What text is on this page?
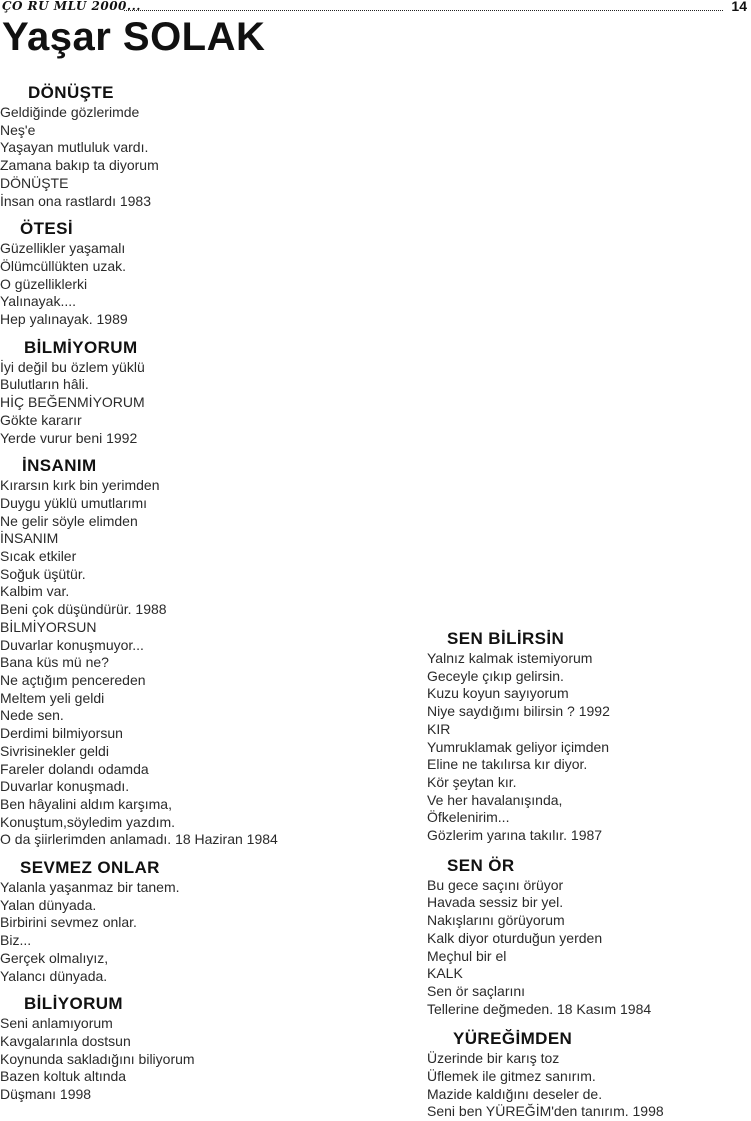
ÇO RU MLU 2000...	14
Yaşar SOLAK
DÖNÜŞTE
Geldiğinde gözlerimde
Neş'e
Yaşayan mutluluk vardı.
Zamana bakıp ta diyorum
DÖNÜŞTE
İnsan ona rastlardı 1983
ÖTESİ
Güzellikler yaşamalı
Ölümcüllükten uzak.
O güzelliklerki
Yalınayak....
Hep yalınayak. 1989
BİLMİYORUM
İyi değil bu özlem yüklü
Bulutların hâli.
HİÇ BEĞENMİYORUM
Gökte kararır
Yerde vurur beni 1992
İNSANIM
Kırarsın kırk bin yerimden
Duygu yüklü umutlarımı
Ne gelir söyle elimden
İNSANIM
Sıcak etkiler
Soğuk üşütür.
Kalbim var.
Beni çok düşündürür. 1988
BİLMİYORSUN
Duvarlar konuşmuyor...
Bana küs mü ne?
Ne açtığım pencereden
Meltem yeli geldi
Nede sen.
Derdimi bilmiyorsun
Sivrisinekler geldi
Fareler dolandı odamda
Duvarlar konuşmadı.
Ben hâyalini aldım karşıma,
Konuştum,söyledim yazdım.
O da şiirlerimden anlamadı. 18 Haziran 1984
SEVMEZ ONLAR
Yalanla yaşanmaz bir tanem.
Yalan dünyada.
Birbirini sevmez onlar.
Biz...
Gerçek olmalıyız,
Yalancı dünyada.
BİLİYORUM
Seni anlamıyorum
Kavgalarınla dostsun
Koynunda sakladığını biliyorum
Bazen koltuk altında
Düşmanı 1998
SEN BİLİRSİN
Yalnız kalmak istemiyorum
Geceyle çıkıp gelirsin.
Kuzu koyun sayıyorum
Niye saydığımı bilirsin ? 1992
KIR
Yumruklamak geliyor içimden
Eline ne takılırsa kır diyor.
Kör şeytan kır.
Ve her havalanışında,
Öfkelenirim...
Gözlerim yarına takılır. 1987
SEN ÖR
Bu gece saçını örüyor
Havada sessiz bir yel.
Nakışlarını görüyorum
Kalk diyor oturduğun yerden
Meçhul bir el
KALK
Sen ör saçlarını
Tellerine değmeden. 18 Kasım 1984
YÜREĞİMDEN
Üzerinde bir karış toz
Üflemek ile gitmez sanırım.
Mazide kaldığını deseler de.
Seni ben YÜREĞİM'den tanırım. 1998
